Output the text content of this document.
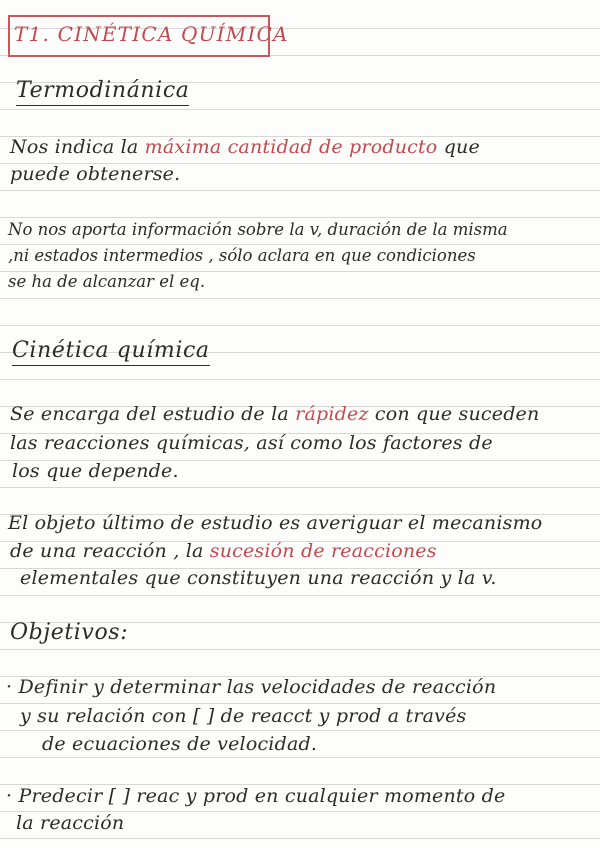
T1. CINÉTICA QUÍMICA
Termodinánica
Nos indica la máxima cantidad de producto que
puede obtenerse.
No nos aporta información sobre la v, duración de la misma
,ni estados intermedios , sólo aclara en que condiciones
se ha de alcanzar el eq.
Cinética química
Se encarga del estudio de la rápidez con que suceden
las reacciones químicas, así como los factores de
los que depende.
El objeto último de estudio es averiguar el mecanismo
de una reacción , la sucesión de reacciones
elementales que constituyen una reacción y la v.
Objetivos:
· Definir y determinar las velocidades de reacción
y su relación con [ ] de reacct y prod a través
de ecuaciones de velocidad.
· Predecir [ ] reac y prod en cualquier momento de
la reacción
